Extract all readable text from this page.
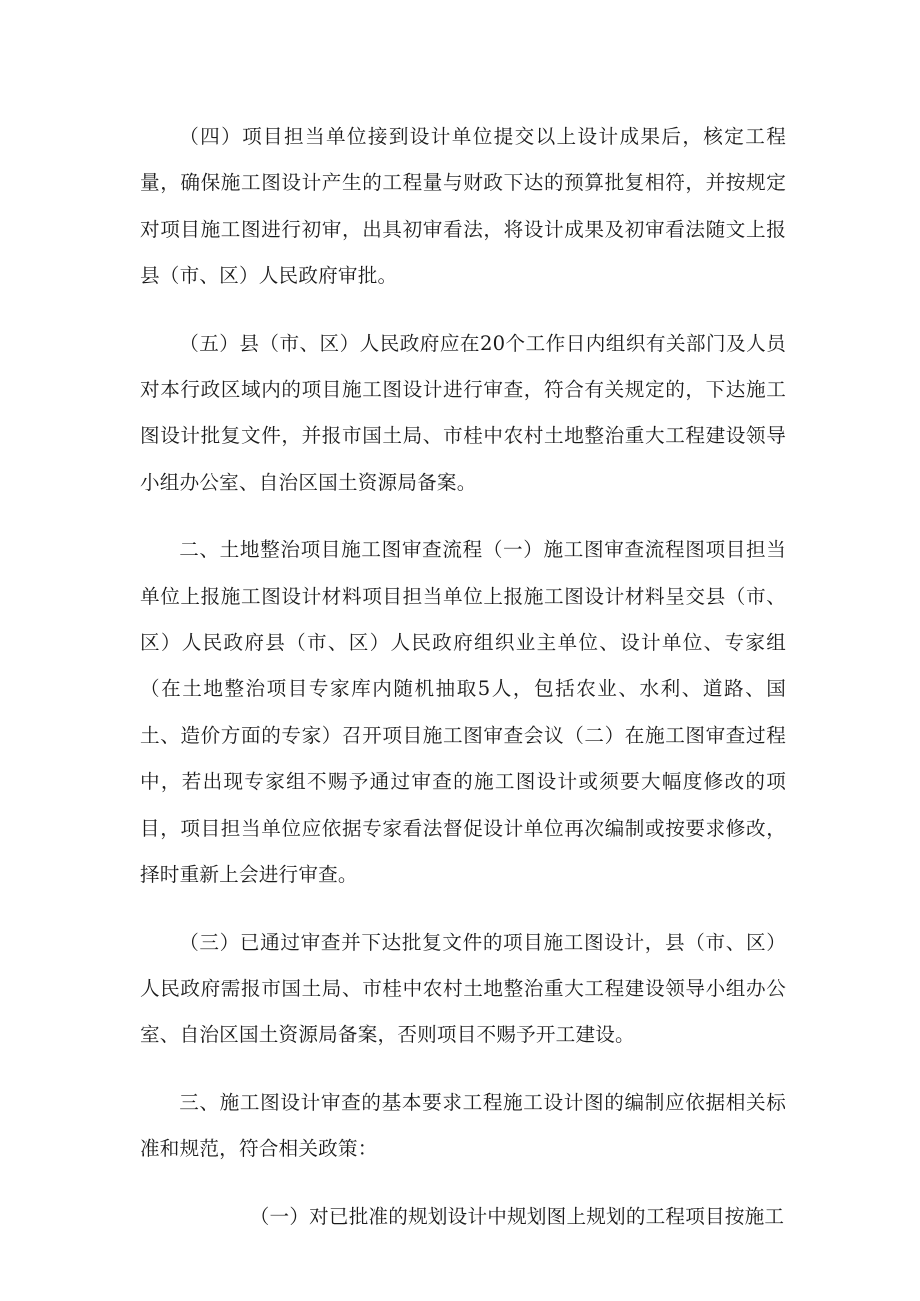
（四）项目担当单位接到设计单位提交以上设计成果后，核定工程量，确保施工图设计产生的工程量与财政下达的预算批复相符，并按规定对项目施工图进行初审，出具初审看法，将设计成果及初审看法随文上报县（市、区）人民政府审批。

（五）县（市、区）人民政府应在20个工作日内组织有关部门及人员对本行政区域内的项目施工图设计进行审查，符合有关规定的，下达施工图设计批复文件，并报市国土局、市桂中农村土地整治重大工程建设领导小组办公室、自治区国土资源局备案。

二、土地整治项目施工图审查流程（一）施工图审查流程图项目担当单位上报施工图设计材料项目担当单位上报施工图设计材料呈交县（市、区）人民政府县（市、区）人民政府组织业主单位、设计单位、专家组（在土地整治项目专家库内随机抽取5人，包括农业、水利、道路、国土、造价方面的专家）召开项目施工图审查会议（二）在施工图审查过程中，若出现专家组不赐予通过审查的施工图设计或须要大幅度修改的项目，项目担当单位应依据专家看法督促设计单位再次编制或按要求修改，择时重新上会进行审查。

（三）已通过审查并下达批复文件的项目施工图设计，县（市、区）人民政府需报市国土局、市桂中农村土地整治重大工程建设领导小组办公室、自治区国土资源局备案，否则项目不赐予开工建设。

三、施工图设计审查的基本要求工程施工设计图的编制应依据相关标准和规范，符合相关政策：

（一）对已批准的规划设计中规划图上规划的工程项目按施工
